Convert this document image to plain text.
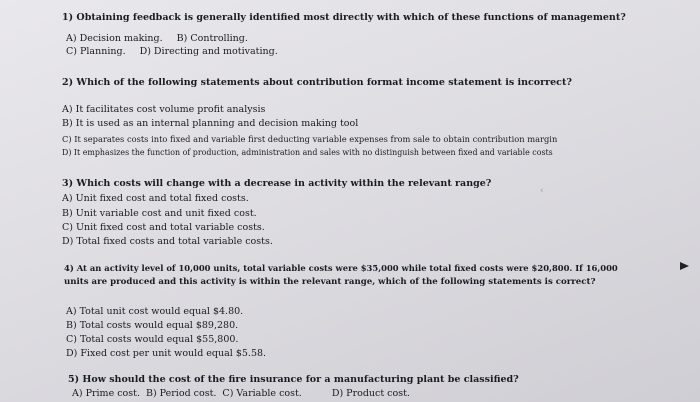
1) Obtaining feedback is generally identified most directly with which of these functions of management?
A) Decision making. B) Controlling.
C) Planning. D) Directing and motivating.
2) Which of the following statements about contribution format income statement is incorrect?
A) It facilitates cost volume profit analysis
B) It is used as an internal planning and decision making tool
C) It separates costs into fixed and variable first deducting variable expenses from sale to obtain contribution margin
D) It emphasizes the function of production, administration and sales with no distinguish between fixed and variable costs
3) Which costs will change with a decrease in activity within the relevant range?
A) Unit fixed cost and total fixed costs.
B) Unit variable cost and unit fixed cost.
C) Unit fixed cost and total variable costs.
D) Total fixed costs and total variable costs.
‹
4) At an activity level of 10,000 units, total variable costs were $35,000 while total fixed costs were $20,800. If 16,000
units are produced and this activity is within the relevant range, which of the following statements is correct?
A) Total unit cost would equal $4.80.
B) Total costs would equal $89,280.
C) Total costs would equal $55,800.
D) Fixed cost per unit would equal $5.58.
5) How should the cost of the fire insurance for a manufacturing plant be classified?
A) Prime cost. B) Period cost. C) Variable cost.	D) Product cost.
